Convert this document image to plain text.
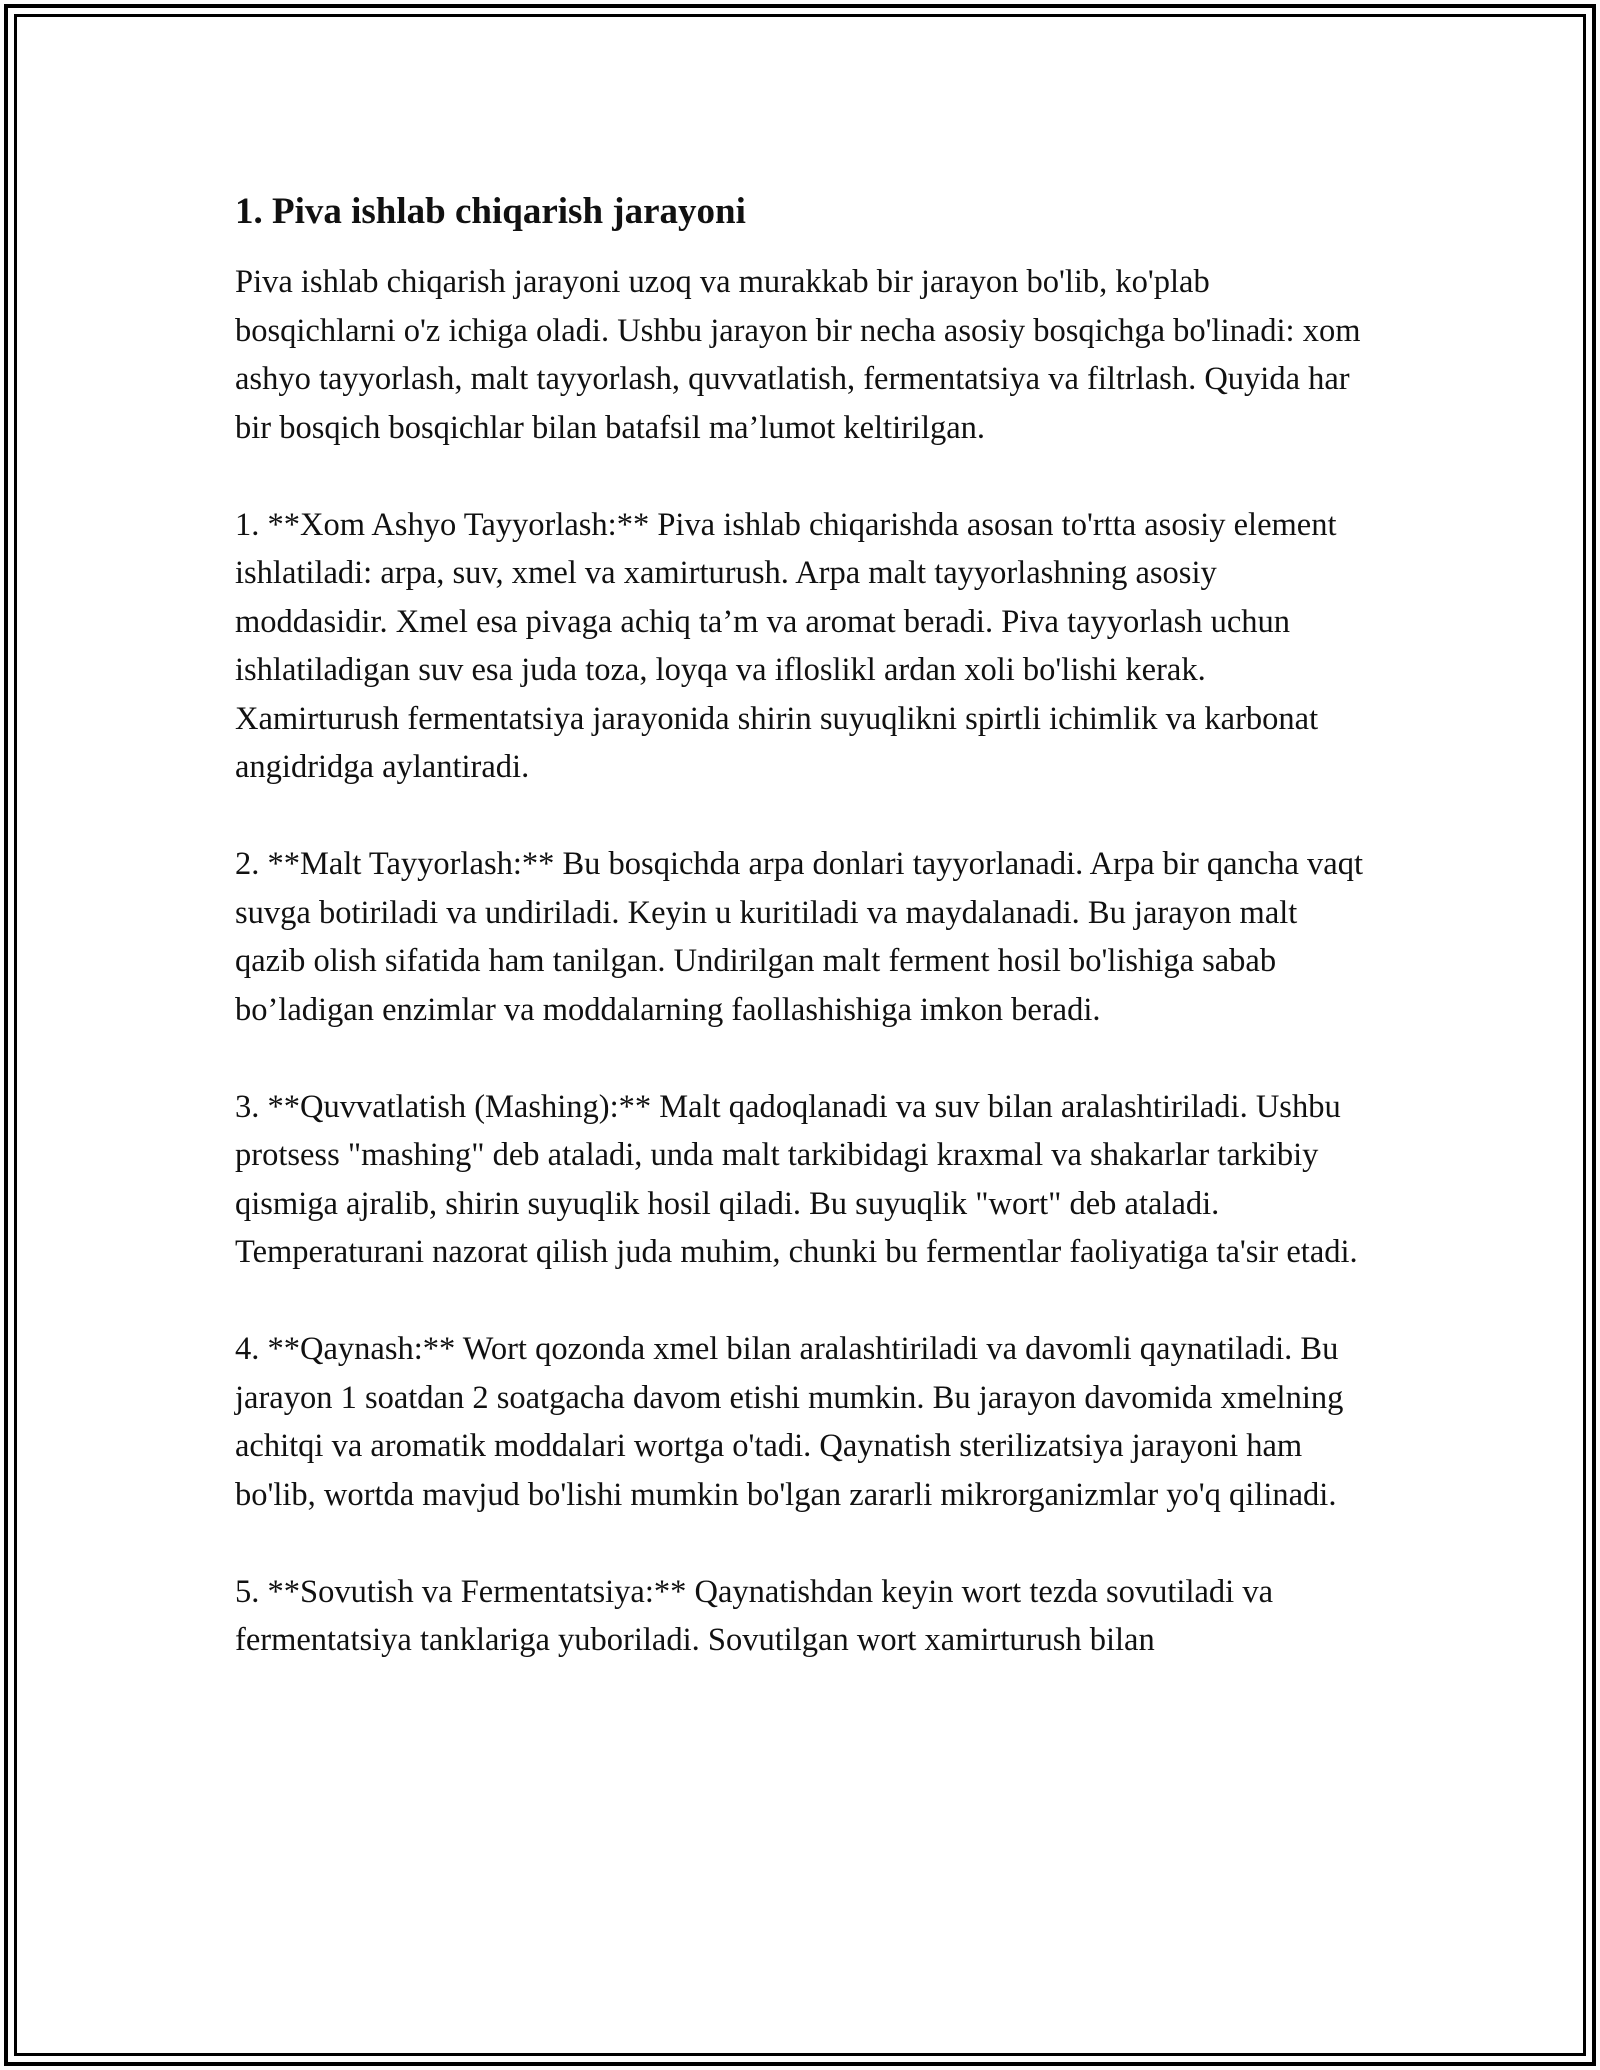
1. Piva ishlab chiqarish jarayoni

Piva ishlab chiqarish jarayoni uzoq va murakkab bir jarayon bo'lib, ko'plab bosqichlarni o'z ichiga oladi. Ushbu jarayon bir necha asosiy bosqichga bo'linadi: xom ashyo tayyorlash, malt tayyorlash, quvvatlatish, fermentatsiya va filtrlash. Quyida har bir bosqich bosqichlar bilan batafsil ma’lumot keltirilgan.

1. **Xom Ashyo Tayyorlash:** Piva ishlab chiqarishda asosan to'rtta asosiy element ishlatiladi: arpa, suv, xmel va xamirturush. Arpa malt tayyorlashning asosiy moddasidir. Xmel esa pivaga achiq ta’m va aromat beradi. Piva tayyorlash uchun ishlatiladigan suv esa juda toza, loyqa va ifloslikl ardan xoli bo'lishi kerak. Xamirturush fermentatsiya jarayonida shirin suyuqlikni spirtli ichimlik va karbonat angidridga aylantiradi.

2. **Malt Tayyorlash:** Bu bosqichda arpa donlari tayyorlanadi. Arpa bir qancha vaqt suvga botiriladi va undiriladi. Keyin u kuritiladi va maydalanadi. Bu jarayon malt qazib olish sifatida ham tanilgan. Undirilgan malt ferment hosil bo'lishiga sabab bo’ladigan enzimlar va moddalarning faollashishiga imkon beradi.

3. **Quvvatlatish (Mashing):** Malt qadoqlanadi va suv bilan aralashtiriladi. Ushbu protsess "mashing" deb ataladi, unda malt tarkibidagi kraxmal va shakarlar tarkibiy qismiga ajralib, shirin suyuqlik hosil qiladi. Bu suyuqlik "wort" deb ataladi. Temperaturani nazorat qilish juda muhim, chunki bu fermentlar faoliyatiga ta'sir etadi.

4. **Qaynash:** Wort qozonda xmel bilan aralashtiriladi va davomli qaynatiladi. Bu jarayon 1 soatdan 2 soatgacha davom etishi mumkin. Bu jarayon davomida xmelning achitqi va aromatik moddalari wortga o'tadi. Qaynatish sterilizatsiya jarayoni ham bo'lib, wortda mavjud bo'lishi mumkin bo'lgan zararli mikrorganizmlar yo'q qilinadi.

5. **Sovutish va Fermentatsiya:** Qaynatishdan keyin wort tezda sovutiladi va fermentatsiya tanklariga yuboriladi. Sovutilgan wort xamirturush bilan
